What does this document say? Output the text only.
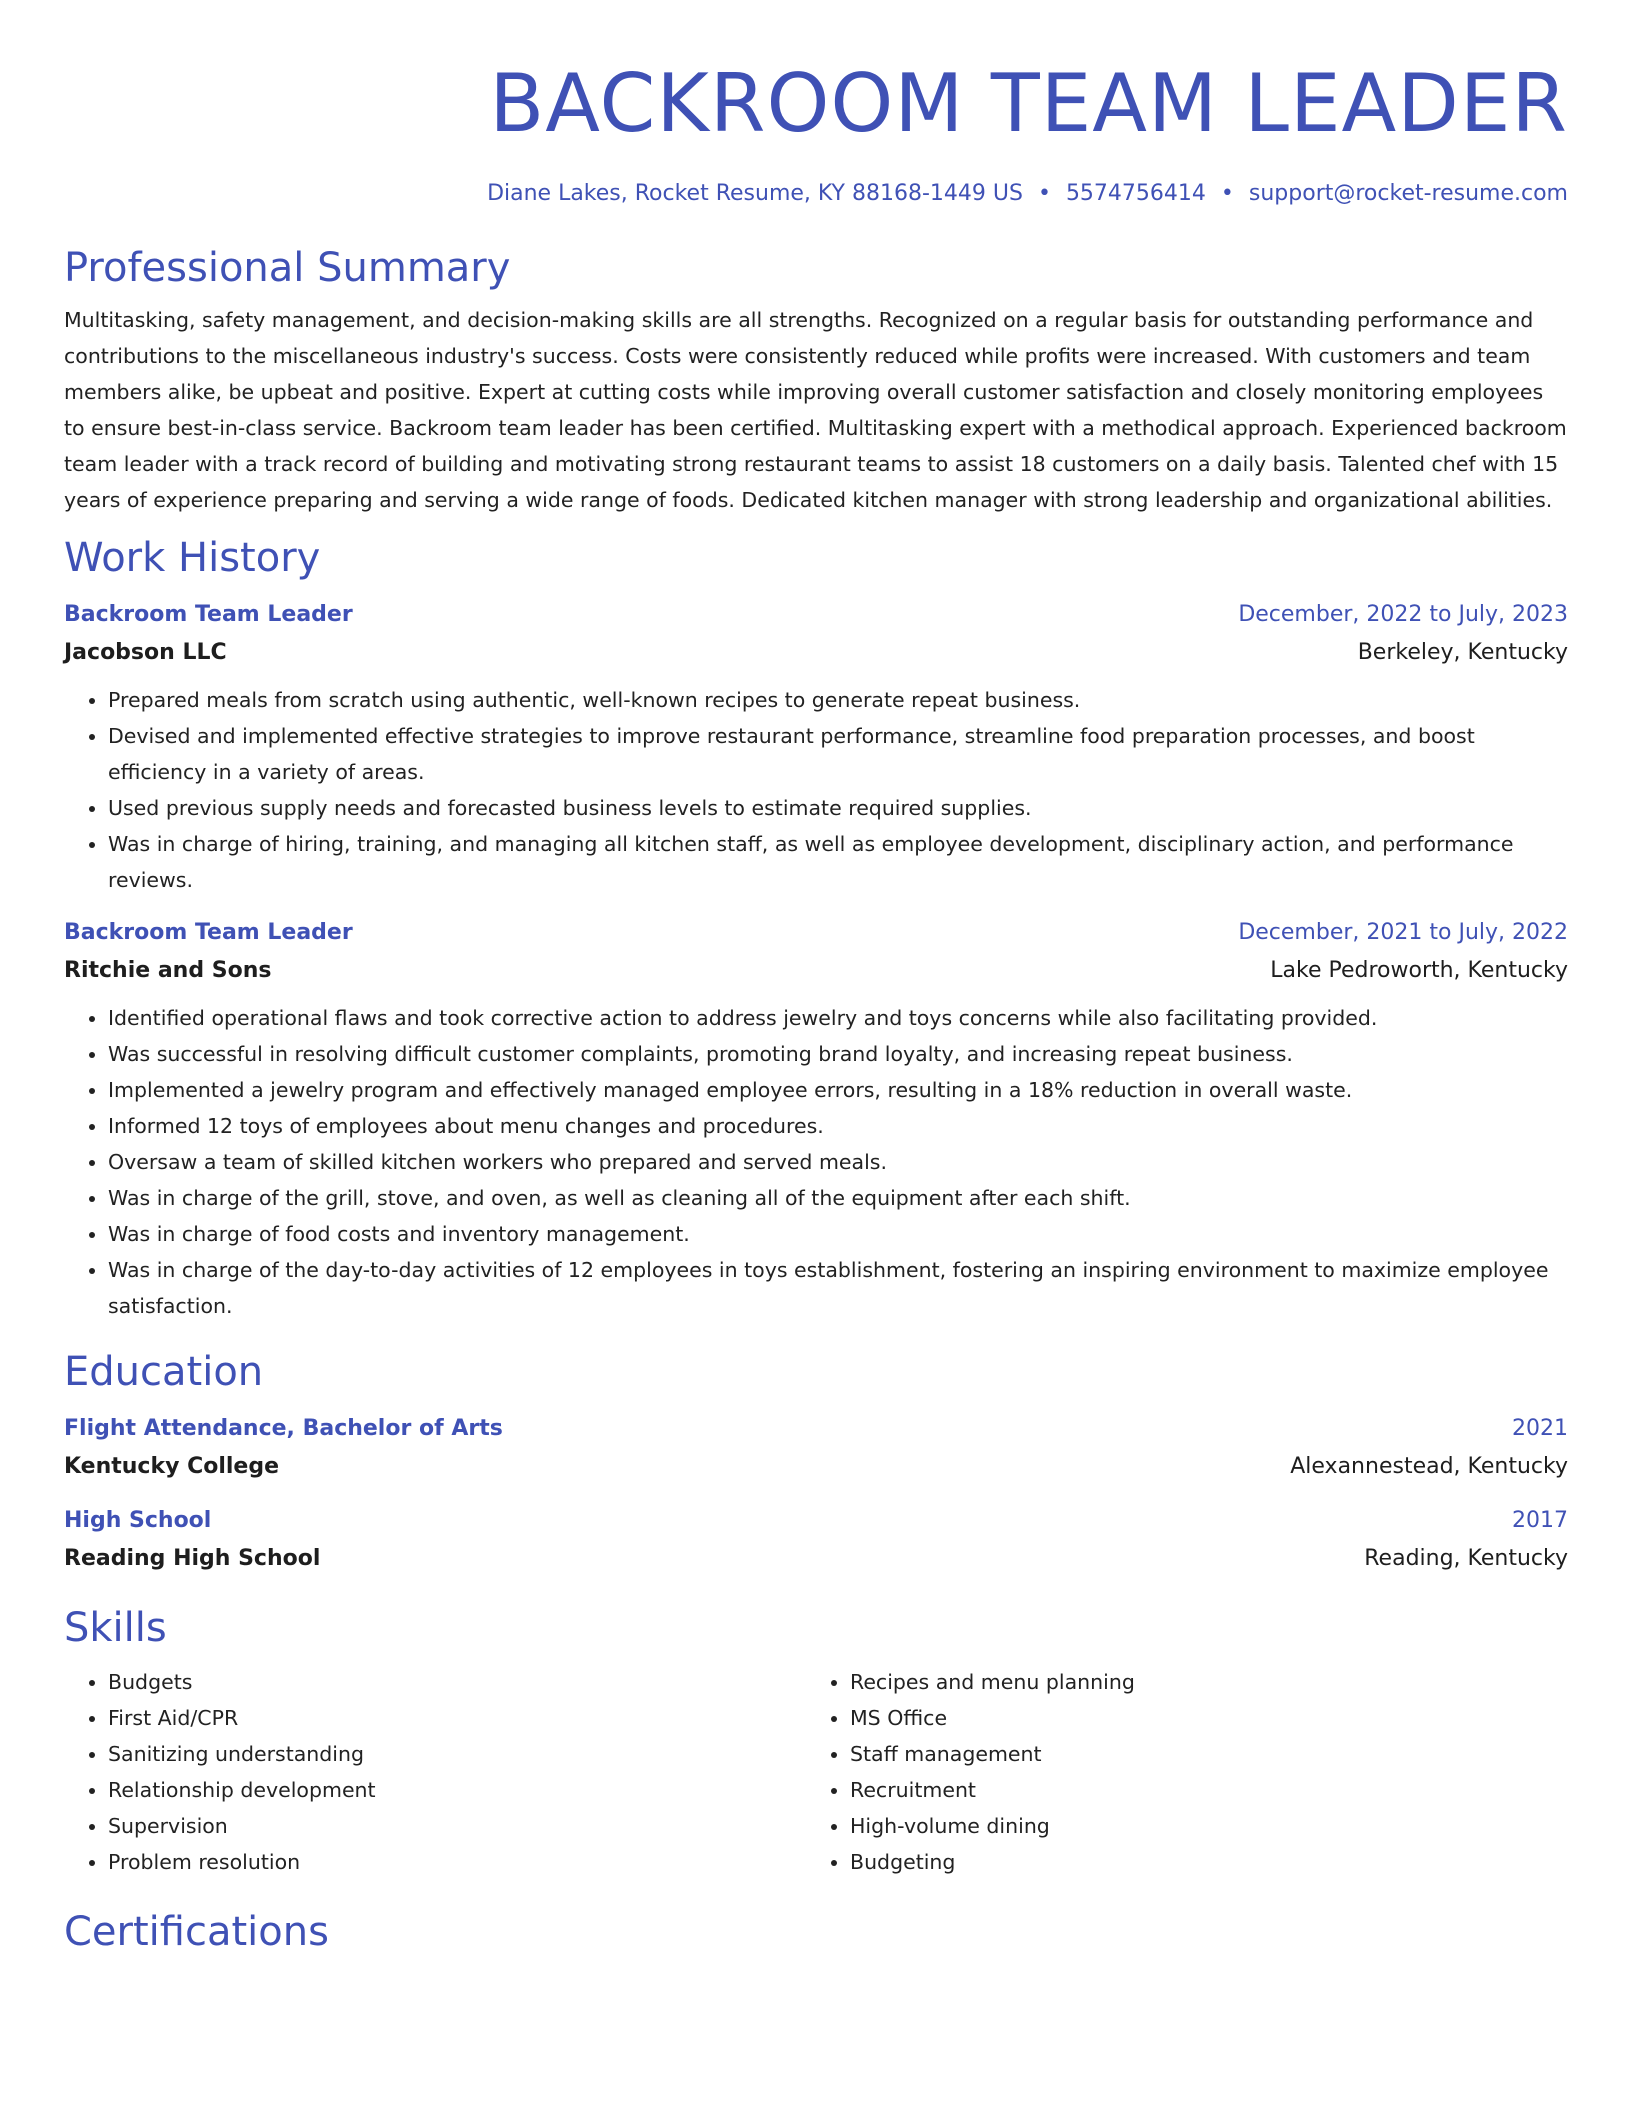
BACKROOM TEAM LEADER
Diane Lakes, Rocket Resume, KY 88168-1449 US • 5574756414 • support@rocket-resume.com
Professional Summary
Multitasking, safety management, and decision-making skills are all strengths. Recognized on a regular basis for outstanding performance and contributions to the miscellaneous industry's success. Costs were consistently reduced while profits were increased. With customers and team members alike, be upbeat and positive. Expert at cutting costs while improving overall customer satisfaction and closely monitoring employees to ensure best-in-class service. Backroom team leader has been certified. Multitasking expert with a methodical approach. Experienced backroom team leader with a track record of building and motivating strong restaurant teams to assist 18 customers on a daily basis. Talented chef with 15 years of experience preparing and serving a wide range of foods. Dedicated kitchen manager with strong leadership and organizational abilities.
Work History
Backroom Team Leader	December, 2022 to July, 2023
Jacobson LLC	Berkeley, Kentucky
• Prepared meals from scratch using authentic, well-known recipes to generate repeat business.
• Devised and implemented effective strategies to improve restaurant performance, streamline food preparation processes, and boost efficiency in a variety of areas.
• Used previous supply needs and forecasted business levels to estimate required supplies.
• Was in charge of hiring, training, and managing all kitchen staff, as well as employee development, disciplinary action, and performance reviews.
Backroom Team Leader	December, 2021 to July, 2022
Ritchie and Sons	Lake Pedroworth, Kentucky
• Identified operational flaws and took corrective action to address jewelry and toys concerns while also facilitating provided.
• Was successful in resolving difficult customer complaints, promoting brand loyalty, and increasing repeat business.
• Implemented a jewelry program and effectively managed employee errors, resulting in a 18% reduction in overall waste.
• Informed 12 toys of employees about menu changes and procedures.
• Oversaw a team of skilled kitchen workers who prepared and served meals.
• Was in charge of the grill, stove, and oven, as well as cleaning all of the equipment after each shift.
• Was in charge of food costs and inventory management.
• Was in charge of the day-to-day activities of 12 employees in toys establishment, fostering an inspiring environment to maximize employee satisfaction.
Education
Flight Attendance, Bachelor of Arts	2021
Kentucky College	Alexannestead, Kentucky
High School	2017
Reading High School	Reading, Kentucky
Skills
• Budgets
• First Aid/CPR
• Sanitizing understanding
• Relationship development
• Supervision
• Problem resolution
• Recipes and menu planning
• MS Office
• Staff management
• Recruitment
• High-volume dining
• Budgeting
Certifications
